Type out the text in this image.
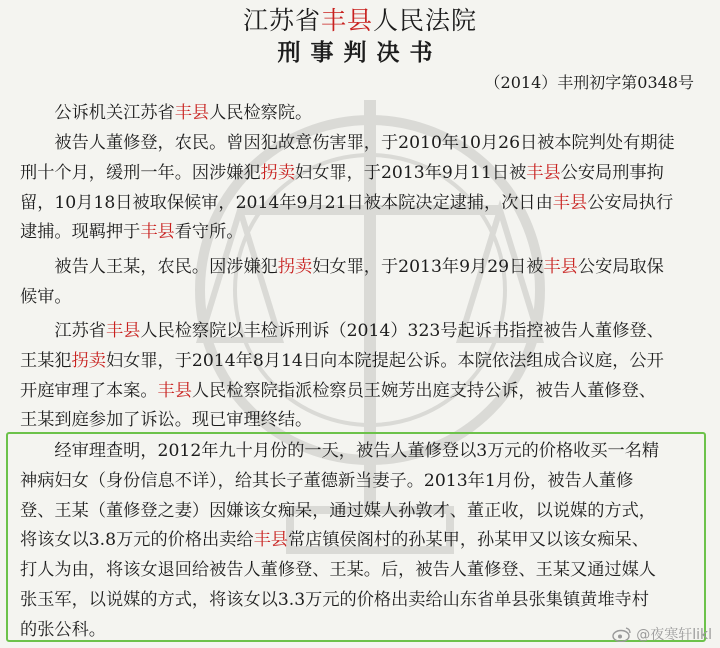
江苏省丰县人民法院
刑事判决书
（2014）丰刑初字第0348号
公诉机关江苏省丰县人民检察院。
被告人董修登，农民。曾因犯故意伤害罪，于2010年10月26日被本院判处有期徒
刑十个月，缓刑一年。因涉嫌犯拐卖妇女罪，于2013年9月11日被丰县公安局刑事拘
留，10月18日被取保候审，2014年9月21日被本院决定逮捕，次日由丰县公安局执行
逮捕。现羁押于丰县看守所。
被告人王某，农民。因涉嫌犯拐卖妇女罪，于2013年9月29日被丰县公安局取保
候审。
江苏省丰县人民检察院以丰检诉刑诉（2014）323号起诉书指控被告人董修登、
王某犯拐卖妇女罪，于2014年8月14日向本院提起公诉。本院依法组成合议庭，公开
开庭审理了本案。丰县人民检察院指派检察员王婉芳出庭支持公诉，被告人董修登、
王某到庭参加了诉讼。现已审理终结。
经审理查明，2012年九十月份的一天，被告人董修登以3万元的价格收买一名精
神病妇女（身份信息不详），给其长子董德新当妻子。2013年1月份，被告人董修
登、王某（董修登之妻）因嫌该女痴呆，通过媒人孙敦才、董正收，以说媒的方式，
将该女以3.8万元的价格出卖给丰县常店镇侯阁村的孙某甲，孙某甲又以该女痴呆、
打人为由，将该女退回给被告人董修登、王某。后，被告人董修登、王某又通过媒人
张玉军，以说媒的方式，将该女以3.3万元的价格出卖给山东省单县张集镇黄堆寺村
的张公科。	@夜寒轩likl
